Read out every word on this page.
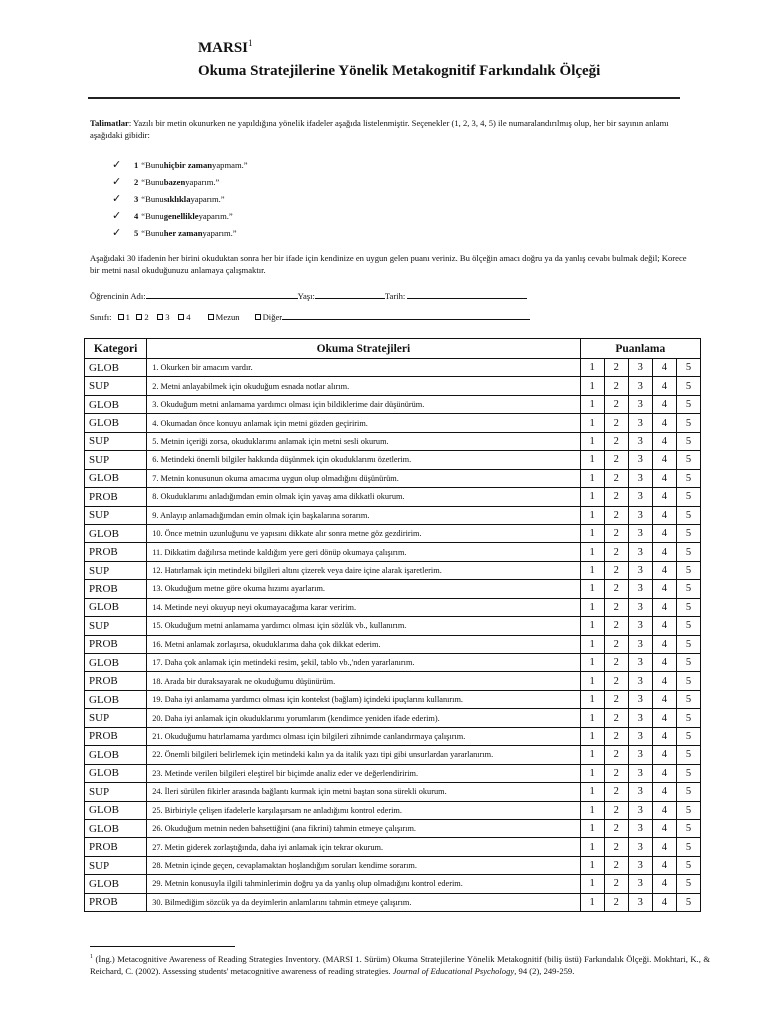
MARSI$^1$
Okuma Stratejilerine Yönelik Metakognitif Farkındalık Ölçeği
Talimatlar: Yazılı bir metin okunurken ne yapıldığına yönelik ifadeler aşağıda listelenmiştir. Seçenekler (1, 2, 3, 4, 5) ile numaralandırılmış olup, her bir sayının anlamı aşağıdaki gibidir:
✓	1 “Bunu hiçbir zaman yapmam.”
✓	2 “Bunu bazen yaparım.”
✓	3 “Bunu sıklıkla yaparım.”
✓	4 “Bunu genellikle yaparım.”
✓	5 “Bunu her zaman yaparım.”
Aşağıdaki 30 ifadenin her birini okuduktan sonra her bir ifade için kendinize en uygun gelen puanı veriniz. Bu ölçeğin amacı doğru ya da yanlış cevabı bulmak değil; Korece bir metni nasıl okuduğunuzu anlamaya çalışmaktır.
Öğrencinin Adı:	Yaşı:	Tarih:
Sınıfı: 1 2 3 4	Mezun	Diğer
Kategori	Okuma Stratejileri	Puanlama				
GLOB	1. Okurken bir amacım vardır.	1	2	3	4	5
SUP	2. Metni anlayabilmek için okuduğum esnada notlar alırım.	1	2	3	4	5
GLOB	3. Okuduğum metni anlamama yardımcı olması için bildiklerime dair düşünürüm.	1	2	3	4	5
GLOB	4. Okumadan önce konuyu anlamak için metni gözden geçiririm.	1	2	3	4	5
SUP	5. Metnin içeriği zorsa, okuduklarımı anlamak için metni sesli okurum.	1	2	3	4	5
SUP	6. Metindeki önemli bilgiler hakkında düşünmek için okuduklarımı özetlerim.	1	2	3	4	5
GLOB	7. Metnin konusunun okuma amacıma uygun olup olmadığını düşünürüm.	1	2	3	4	5
PROB	8. Okuduklarımı anladığımdan emin olmak için yavaş ama dikkatli okurum.	1	2	3	4	5
SUP	9. Anlayıp anlamadığımdan emin olmak için başkalarına sorarım.	1	2	3	4	5
GLOB	10. Önce metnin uzunluğunu ve yapısını dikkate alır sonra metne göz gezdiririm.	1	2	3	4	5
PROB	11. Dikkatim dağılırsa metinde kaldığım yere geri dönüp okumaya çalışırım.	1	2	3	4	5
SUP	12. Hatırlamak için metindeki bilgileri altını çizerek veya daire içine alarak işaretlerim.	1	2	3	4	5
PROB	13. Okuduğum metne göre okuma hızımı ayarlarım.	1	2	3	4	5
GLOB	14. Metinde neyi okuyup neyi okumayacağıma karar veririm.	1	2	3	4	5
SUP	15. Okuduğum metni anlamama yardımcı olması için sözlük vb., kullanırım.	1	2	3	4	5
PROB	16. Metni anlamak zorlaşırsa, okuduklarıma daha çok dikkat ederim.	1	2	3	4	5
GLOB	17. Daha çok anlamak için metindeki resim, şekil, tablo vb.,'nden yararlanırım.	1	2	3	4	5
PROB	18. Arada bir duraksayarak ne okuduğumu düşünürüm.	1	2	3	4	5
GLOB	19. Daha iyi anlamama yardımcı olması için kontekst (bağlam) içindeki ipuçlarını kullanırım.	1	2	3	4	5
SUP	20. Daha iyi anlamak için okuduklarımı yorumlarım (kendimce yeniden ifade ederim).	1	2	3	4	5
PROB	21. Okuduğumu hatırlamama yardımcı olması için bilgileri zihnimde canlandırmaya çalışırım.	1	2	3	4	5
GLOB	22. Önemli bilgileri belirlemek için metindeki kalın ya da italik yazı tipi gibi unsurlardan yararlanırım.	1	2	3	4	5
GLOB	23. Metinde verilen bilgileri eleştirel bir biçimde analiz eder ve değerlendiririm.	1	2	3	4	5
SUP	24. İleri sürülen fikirler arasında bağlantı kurmak için metni baştan sona sürekli okurum.	1	2	3	4	5
GLOB	25. Birbiriyle çelişen ifadelerle karşılaşırsam ne anladığımı kontrol ederim.	1	2	3	4	5
GLOB	26. Okuduğum metnin neden bahsettiğini (ana fikrini) tahmin etmeye çalışırım.	1	2	3	4	5
PROB	27. Metin giderek zorlaştığında, daha iyi anlamak için tekrar okurum.	1	2	3	4	5
SUP	28. Metnin içinde geçen, cevaplamaktan hoşlandığım soruları kendime sorarım.	1	2	3	4	5
GLOB	29. Metnin konusuyla ilgili tahminlerimin doğru ya da yanlış olup olmadığını kontrol ederim.	1	2	3	4	5
PROB	30. Bilmediğim sözcük ya da deyimlerin anlamlarını tahmin etmeye çalışırım.	1	2	3	4	5
$^1$ (İng.) Metacognitive Awareness of Reading Strategies Inventory. (MARSI 1. Sürüm) Okuma Stratejilerine Yönelik Metakognitif (biliş üstü) Farkındalık Ölçeği. Mokhtari, K., & Reichard, C. (2002). Assessing students' metacognitive awareness of reading strategies. Journal of Educational Psychology, 94 (2), 249-259.
